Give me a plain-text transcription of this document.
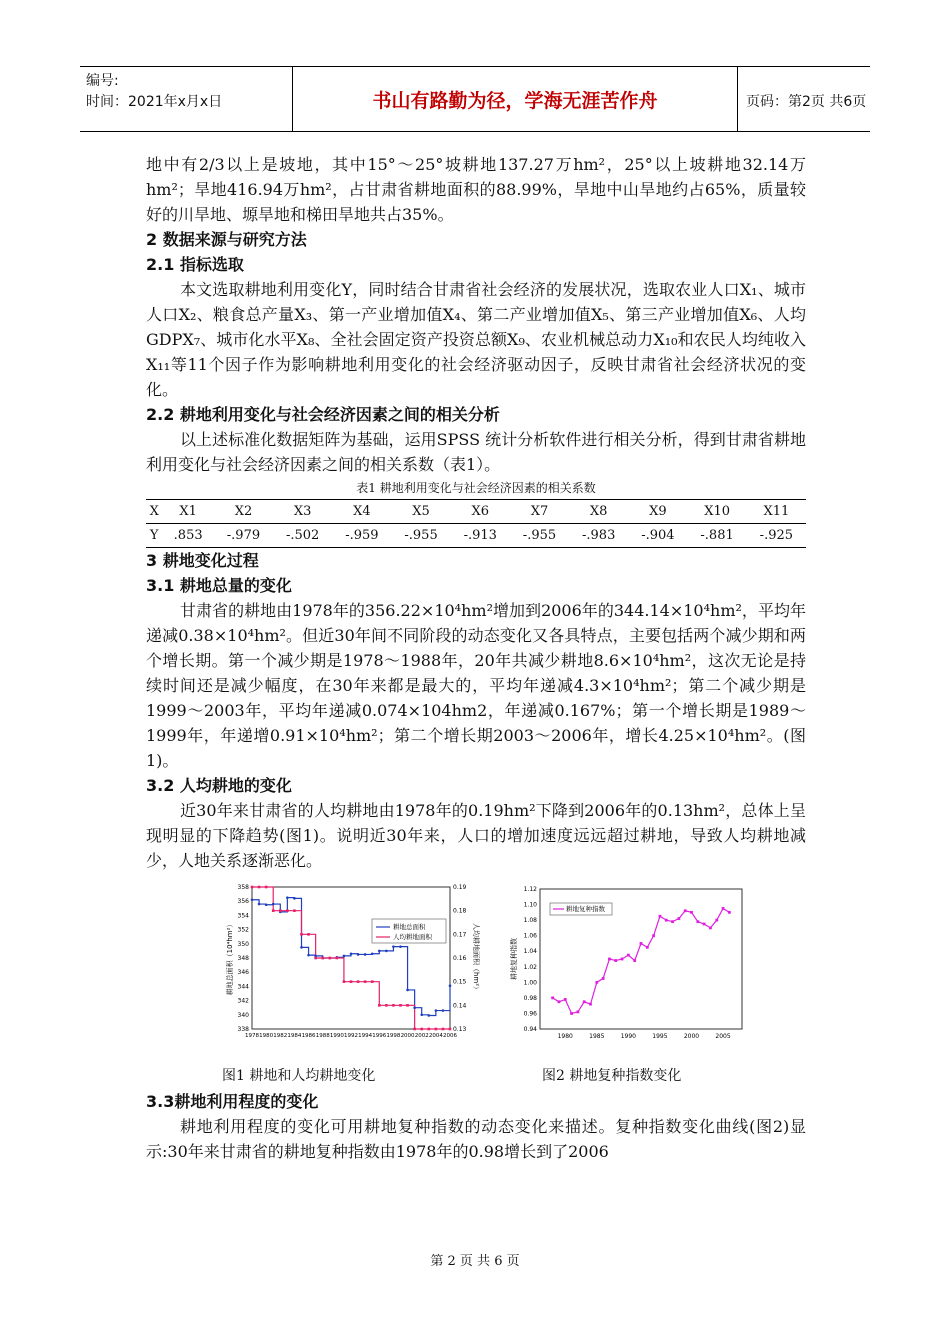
编号:
时间：2021年x月x日	书山有路勤为径，学海无涯苦作舟	页码：第2页 共6页

地中有2/3以上是坡地，其中15°～25°坡耕地137.27万hm²，25°以上坡耕地32.14万hm²；旱地416.94万hm²，占甘肃省耕地面积的88.99%，旱地中山旱地约占65%，质量较好的川旱地、塬旱地和梯田旱地共占35%。

2 数据来源与研究方法

2.1 指标选取

本文选取耕地利用变化Y，同时结合甘肃省社会经济的发展状况，选取农业人口X₁、城市人口X₂、粮食总产量X₃、第一产业增加值X₄、第二产业增加值X₅、第三产业增加值X₆、人均GDPX₇、城市化水平X₈、全社会固定资产投资总额X₉、农业机械总动力X₁₀和农民人均纯收入X₁₁等11个因子作为影响耕地利用变化的社会经济驱动因子，反映甘肃省社会经济状况的变化。

2.2 耕地利用变化与社会经济因素之间的相关分析

以上述标准化数据矩阵为基础，运用SPSS 统计分析软件进行相关分析，得到甘肃省耕地利用变化与社会经济因素之间的相关系数（表1）。

表1 耕地利用变化与社会经济因素的相关系数

X	X1	X2	X3	X4	X5	X6	X7	X8	X9	X10	X11
Y	.853	-.979	-.502	-.959	-.955	-.913	-.955	-.983	-.904	-.881	-.925

3 耕地变化过程

3.1 耕地总量的变化

甘肃省的耕地由1978年的356.22×10⁴hm²增加到2006年的344.14×10⁴hm²，平均年递减0.38×10⁴hm²。但近30年间不同阶段的动态变化又各具特点，主要包括两个减少期和两个增长期。第一个减少期是1978～1988年，20年共减少耕地8.6×10⁴hm²，这次无论是持续时间还是减少幅度，在30年来都是最大的，平均年递减4.3×10⁴hm²；第二个减少期是1999～2003年，平均年递减0.074×104hm2，年递减0.167%；第一个增长期是1989～1999年，年递增0.91×10⁴hm²；第二个增长期2003～2006年，增长4.25×10⁴hm²。(图1)。

3.2 人均耕地的变化

近30年来甘肃省的人均耕地由1978年的0.19hm²下降到2006年的0.13hm²，总体上呈现明显的下降趋势(图1)。说明近30年来，人口的增加速度远远超过耕地，导致人均耕地减少，人地关系逐渐恶化。

338
340
342
344
346
348
350
352
354
356
358
0.13
0.14
0.15
0.16
0.17
0.18
0.19
1978 1980 1982 1984 1986 1988 1990 1992 1994 1996 1998 2000 2002 2004 2006
耕地总面积（10⁴hm²）	人均耕地面积（hm²）
耕地总面积
人均耕地面积
0.94
0.96
0.98
1.00
1.02
1.04
1.06
1.08
1.10
1.12
1980	1985	1990	1995	2000	2005
耕地复种指数
耕地复种指数
图1 耕地和人均耕地变化	图2 耕地复种指数变化

3.3耕地利用程度的变化

耕地利用程度的变化可用耕地复种指数的动态变化来描述。复种指数变化曲线(图2)显示:30年来甘肃省的耕地复种指数由1978年的0.98增长到了2006

第 2 页 共 6 页
